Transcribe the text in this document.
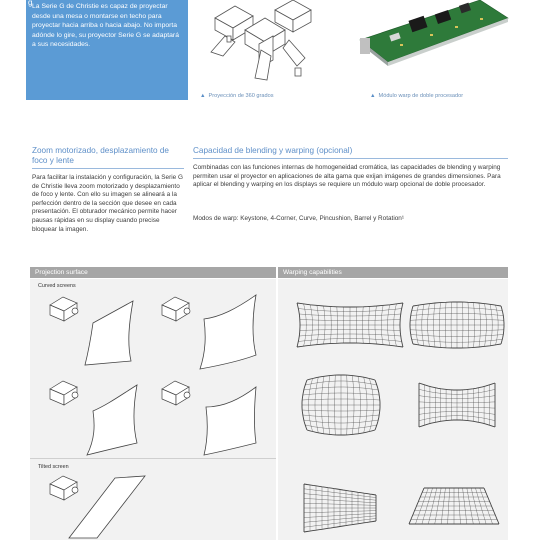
g La Serie G de Christie es capaz de proyectar desde una mesa o montarse en techo para proyectar hacia arriba o hacia abajo. No importa adónde lo gire, su proyector Serie G se adaptará a sus necesidades.
▲ Proyección de 360 grados	▲ Módulo warp de doble procesador
Zoom motorizado, desplazamiento de foco y lente
Para facilitar la instalación y configuración, la Serie G de Christie lleva zoom motorizado y desplazamiento de foco y lente. Con ello su imagen se alineará a la perfección dentro de la sección que desee en cada presentación. El obturador mecánico permite hacer pausas rápidas en su display cuando precise bloquear la imagen.
Capacidad de blending y warping (opcional)
Combinadas con las funciones internas de homogeneidad cromática, las capacidades de blending y warping permiten usar el proyector en aplicaciones de alta gama que exijan imágenes de grandes dimensiones. Para aplicar el blending y warping en los displays se requiere un módulo warp opcional de doble procesador.
Modos de warp: Keystone, 4-Corner, Curve, Pincushion, Barrel y Rotation¹
Projection surface
Curved screens
Tilted screen
Warping capabilities
